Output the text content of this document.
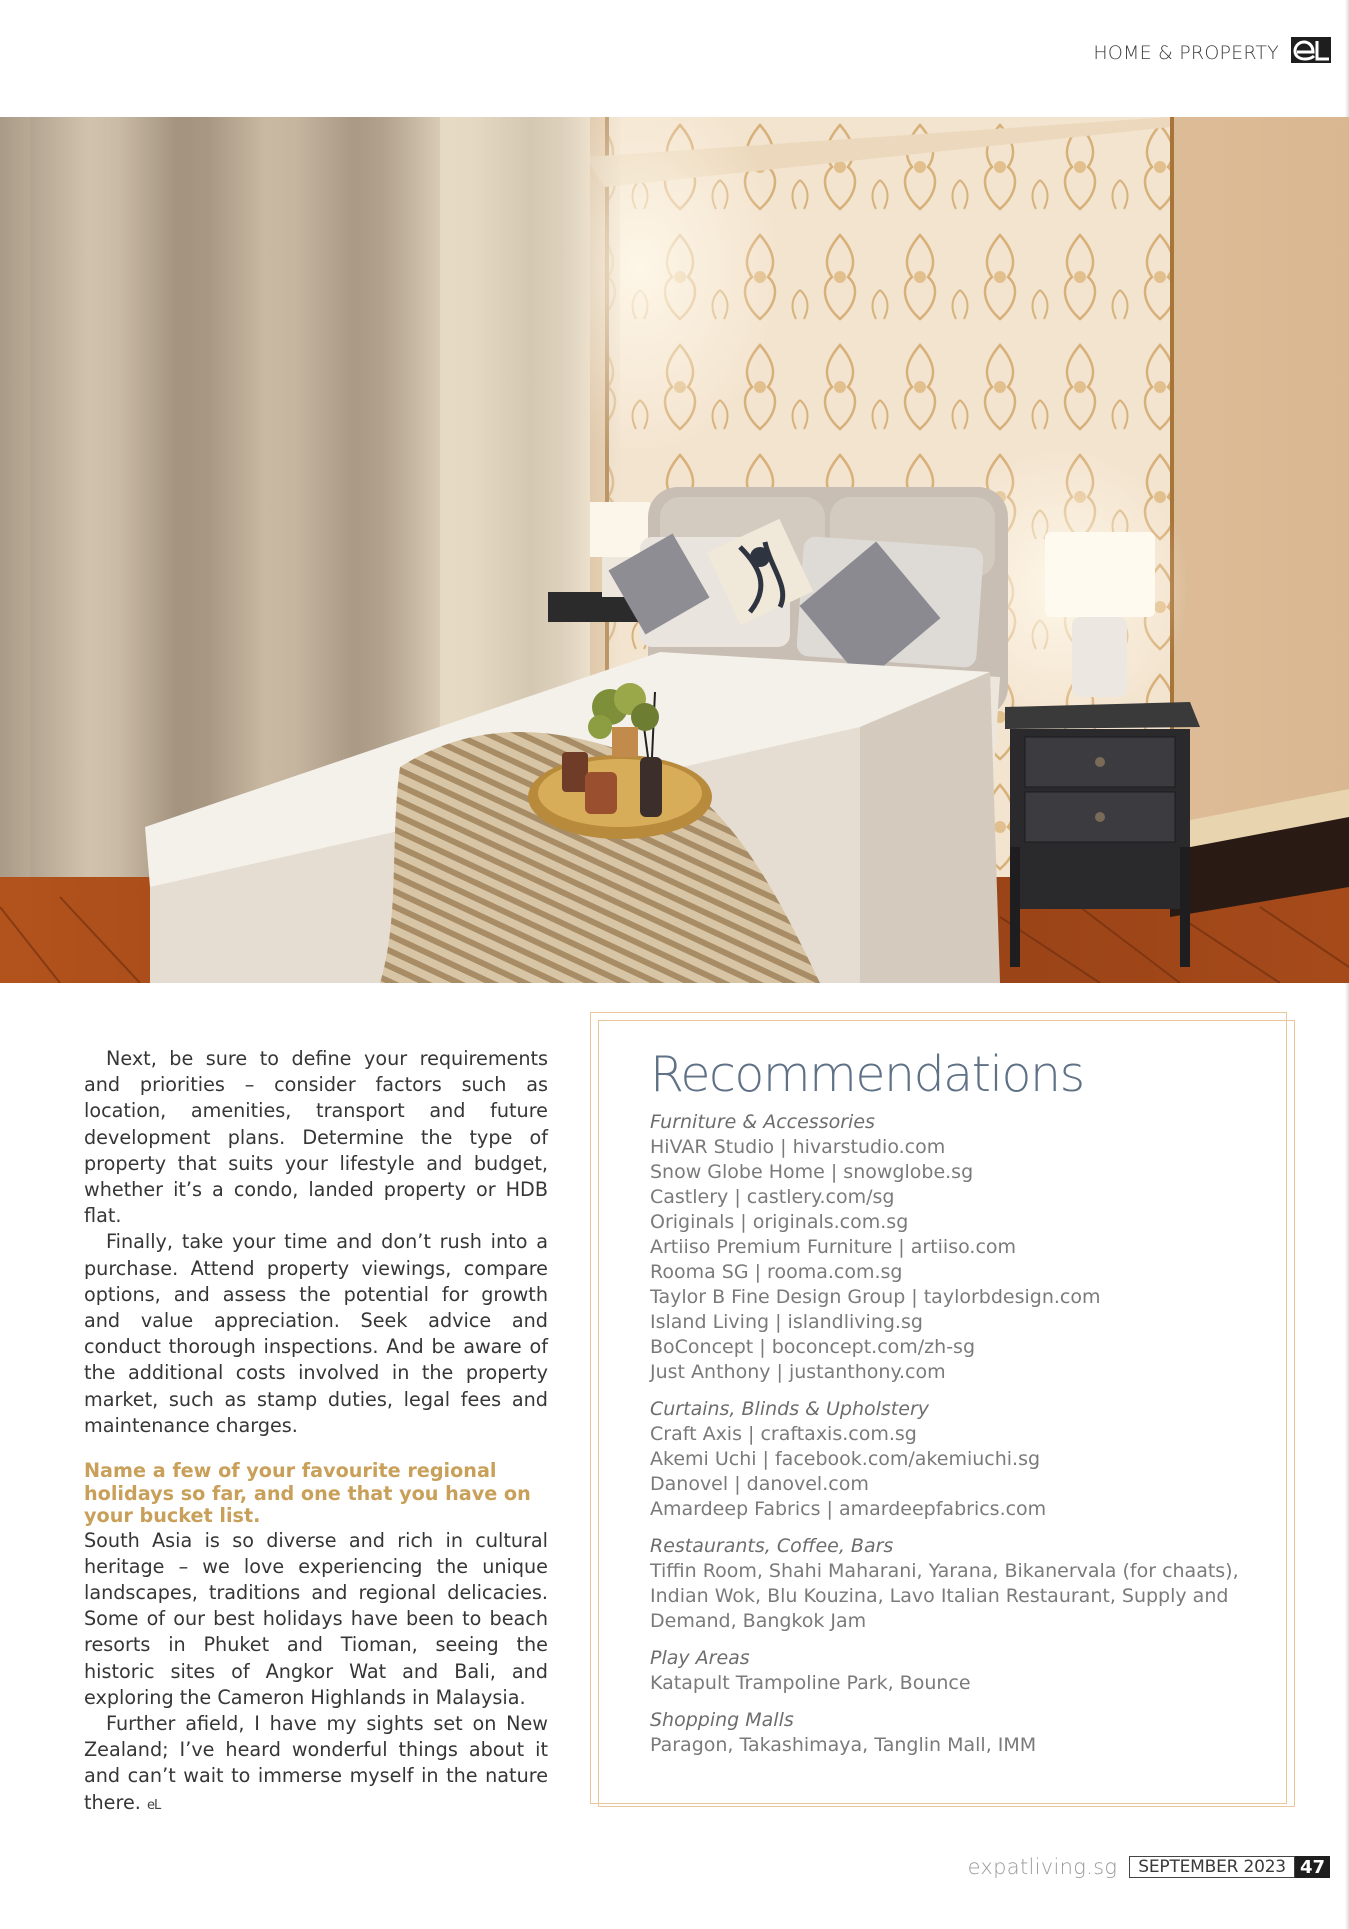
HOME & PROPERTY

Next, be sure to define your requirements and priorities – consider factors such as location, amenities, transport and future development plans. Determine the type of property that suits your lifestyle and budget, whether it’s a condo, landed property or HDB flat.

Finally, take your time and don’t rush into a purchase. Attend property viewings, compare options, and assess the potential for growth and value appreciation. Seek advice and conduct thorough inspections. And be aware of the additional costs involved in the property market, such as stamp duties, legal fees and maintenance charges.

Name a few of your favourite regional holidays so far, and one that you have on your bucket list.

South Asia is so diverse and rich in cultural heritage – we love experiencing the unique landscapes, traditions and regional delicacies. Some of our best holidays have been to beach resorts in Phuket and Tioman, seeing the historic sites of Angkor Wat and Bali, and exploring the Cameron Highlands in Malaysia.

Further afield, I have my sights set on New Zealand; I’ve heard wonderful things about it and can’t wait to immerse myself in the nature there. eL

Recommendations
Furniture & Accessories
HiVAR Studio | hivarstudio.com
Snow Globe Home | snowglobe.sg
Castlery | castlery.com/sg
Originals | originals.com.sg
Artiiso Premium Furniture | artiiso.com
Rooma SG | rooma.com.sg
Taylor B Fine Design Group | taylorbdesign.com
Island Living | islandliving.sg
BoConcept | boconcept.com/zh-sg
Just Anthony | justanthony.com
Curtains, Blinds & Upholstery
Craft Axis | craftaxis.com.sg
Akemi Uchi | facebook.com/akemiuchi.sg
Danovel | danovel.com
Amardeep Fabrics | amardeepfabrics.com
Restaurants, Coffee, Bars
Tiffin Room, Shahi Maharani, Yarana, Bikanervala (for chaats), Indian Wok, Blu Kouzina, Lavo Italian Restaurant, Supply and Demand, Bangkok Jam
Play Areas
Katapult Trampoline Park, Bounce
Shopping Malls
Paragon, Takashimaya, Tanglin Mall, IMM
expatliving.sg	SEPTEMBER 2023 47
